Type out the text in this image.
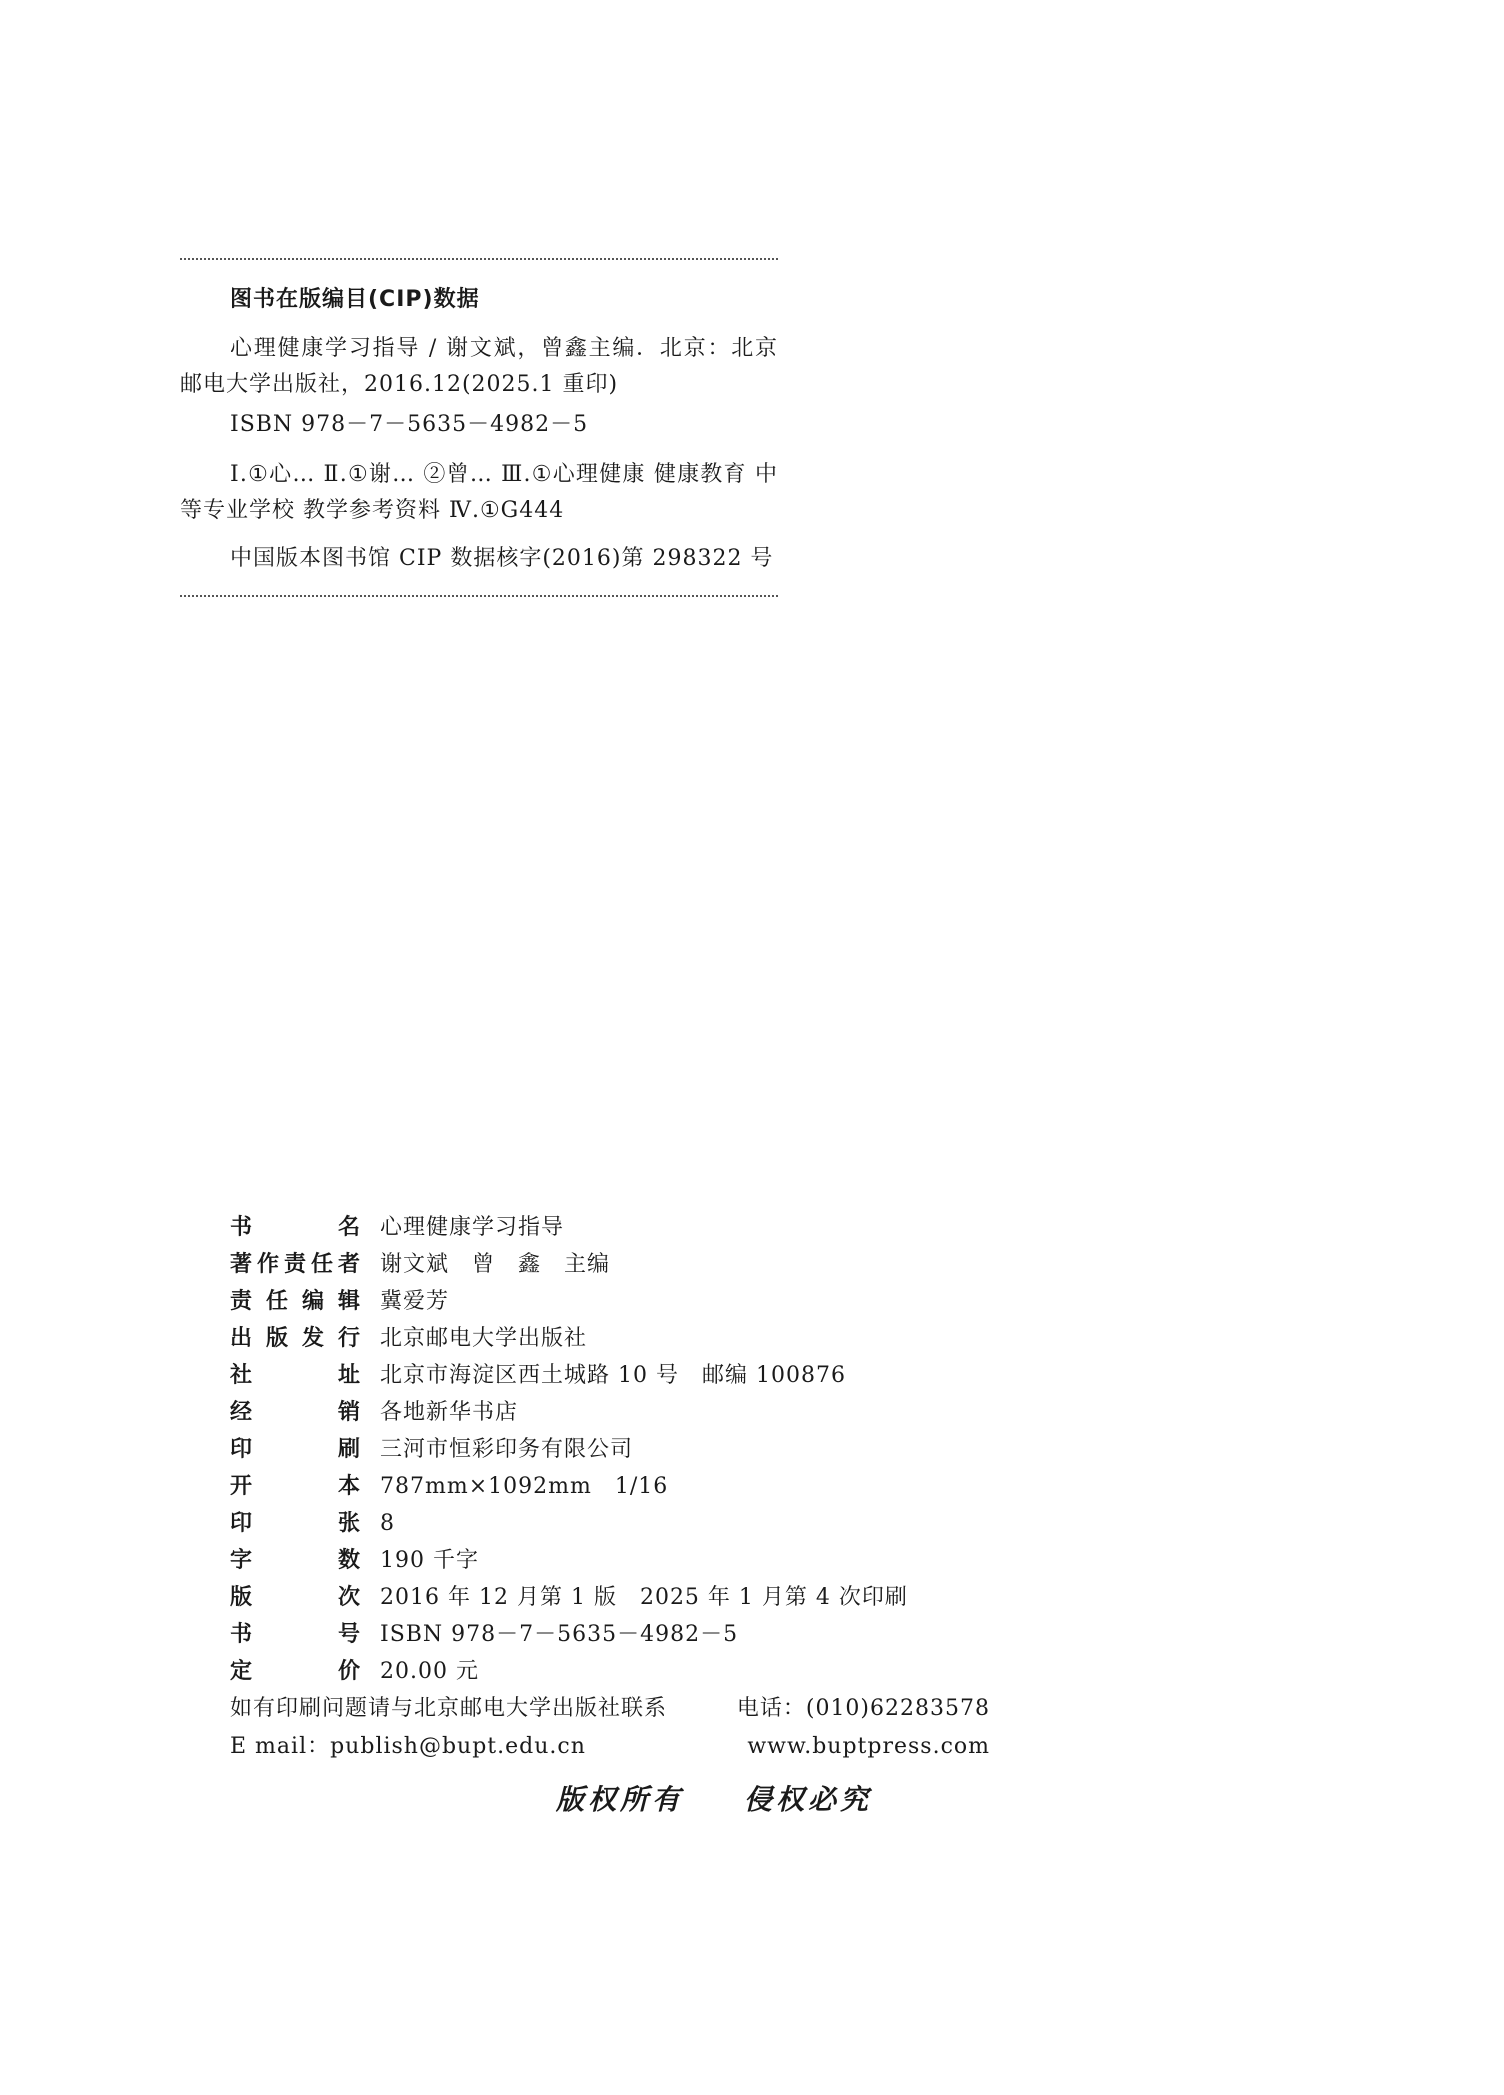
图书在版编目(CIP)数据

心理健康学习指导 / 谢文斌，曾鑫主编．北京：北京邮电大学出版社，2016.12(2025.1 重印)

ISBN 978－7－5635－4982－5

Ⅰ.①心… Ⅱ.①谢… ②曾… Ⅲ.①心理健康 健康教育 中等专业学校 教学参考资料 Ⅳ.①G444

中国版本图书馆 CIP 数据核字(2016)第 298322 号

书	名 心理健康学习指导
著 作 责 任 者 谢文斌　曾　鑫　主编
责 任 编 辑 冀爱芳
出 版 发 行 北京邮电大学出版社
社	址 北京市海淀区西土城路 10 号　邮编 100876
经	销 各地新华书店
印	刷 三河市恒彩印务有限公司
开	本 787mm×1092mm　1/16
印	张 8
字	数 190 千字
版	次 2016 年 12 月第 1 版　2025 年 1 月第 4 次印刷
书	号 ISBN 978－7－5635－4982－5
定	价 20.00 元
如有印刷问题请与北京邮电大学出版社联系	电话：(010)62283578
E mail：publish@bupt.edu.cn	www.buptpress.com
版权所有 侵权必究
